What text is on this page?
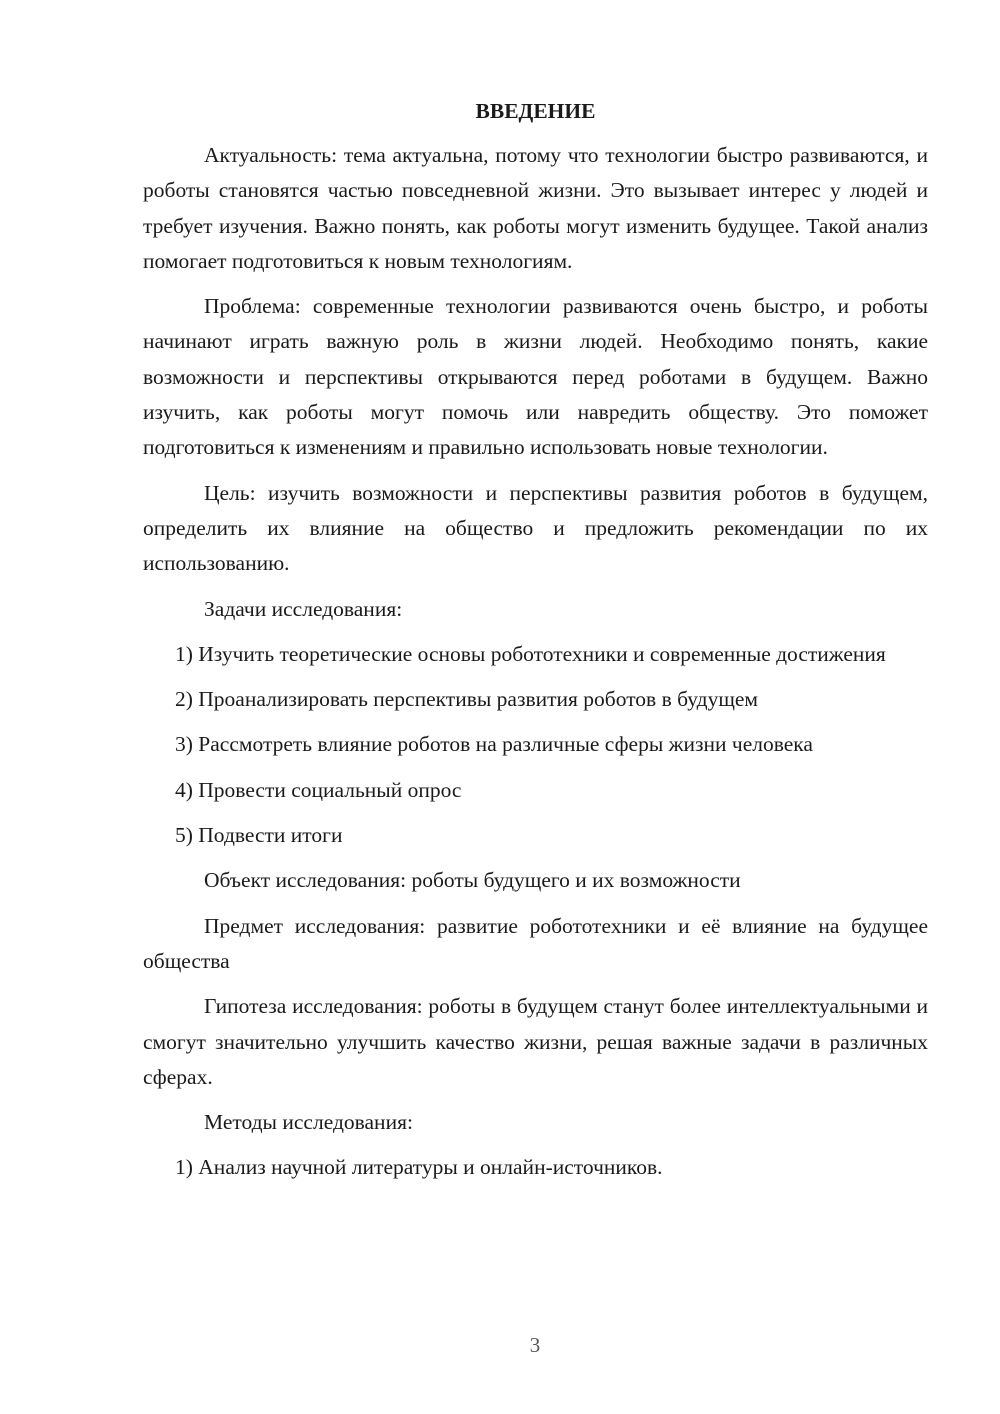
ВВЕДЕНИЕ

Актуальность: тема актуальна, потому что технологии быстро развиваются, и роботы становятся частью повседневной жизни. Это вызывает интерес у людей и требует изучения. Важно понять, как роботы могут изменить будущее. Такой анализ помогает подготовиться к новым технологиям.

Проблема: современные технологии развиваются очень быстро, и роботы начинают играть важную роль в жизни людей. Необходимо понять, какие возможности и перспективы открываются перед роботами в будущем. Важно изучить, как роботы могут помочь или навредить обществу. Это поможет подготовиться к изменениям и правильно использовать новые технологии.

Цель: изучить возможности и перспективы развития роботов в будущем, определить их влияние на общество и предложить рекомендации по их использованию.

Задачи исследования:

1) Изучить теоретические основы робототехники и современные достижения

2) Проанализировать перспективы развития роботов в будущем

3) Рассмотреть влияние роботов на различные сферы жизни человека

4) Провести социальный опрос

5) Подвести итоги

Объект исследования: роботы будущего и их возможности

Предмет исследования: развитие робототехники и её влияние на будущее общества

Гипотеза исследования: роботы в будущем станут более интеллектуальными и смогут значительно улучшить качество жизни, решая важные задачи в различных сферах.

Методы исследования:

1) Анализ научной литературы и онлайн-источников.

3
